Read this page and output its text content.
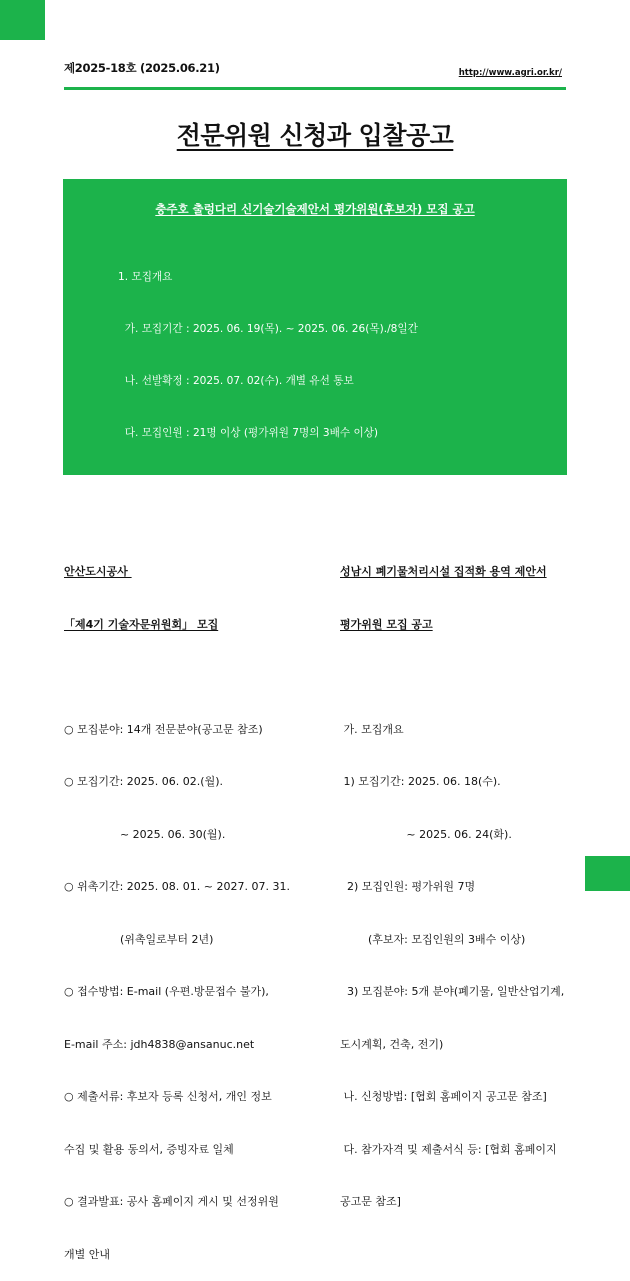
제2025-18호 (2025.06.21)	http://www.agri.or.kr/
전문위원 신청과 입찰공고
충주호 출렁다리 신기술기술제안서 평가위원(후보자) 모집 공고

1. 모집개요

가. 모집기간 : 2025. 06. 19(목). ~ 2025. 06. 26(목)./8일간

나. 선발확정 : 2025. 07. 02(수). 개별 유선 통보

다. 모집인원 : 21명 이상 (평가위원 7명의 3배수 이상)

라. 모집분야 : 토목 3명, 디자인 2명, 관광 2명

2. 신청서 접수기간 : 2025. 06. 19(목). ~ 2025. 06. 26(금). 18:00까지

3. 평가위원 선정

가. 선정일자 : 2025. 07. 02.(수) 예정

나. 선정인원 : 7명(예비 평가위원 3명 별도 선정)

4. 공법선정위원회(제안서 평가) 개최

가. 예정일시 : 2025. 07. 07(월). 14:00~ (일정 변경 가능)

나. 심의장소 : 충주시청 중원경회의실(4층)

다. 선정방법 : 참여자 제안설명(발표 10분, 질의응답 10분 이내) 평가

안산도시공사

「제4기 기술자문위원회」 모집

○ 모집분야: 14개 전문분야(공고문 참조)

○ 모집기간: 2025. 06. 02.(월).

~ 2025. 06. 30(월).

○ 위촉기간: 2025. 08. 01. ~ 2027. 07. 31.

(위촉일로부터 2년)

○ 접수방법: E-mail (우편.방문접수 불가),

E-mail 주소: jdh4838@ansanuc.net

○ 제출서류: 후보자 등록 신청서, 개인 정보

수집 및 활용 동의서, 증빙자료 일체

○ 결과발표: 공사 홈페이지 게시 및 선정위원

개별 안내

성남시 폐기물처리시설 집적화 용역 제안서

평가위원 모집 공고

가. 모집개요

1) 모집기간: 2025. 06. 18(수).

~ 2025. 06. 24(화).

2) 모집인원: 평가위원 7명

(후보자: 모집인원의 3배수 이상)

3) 모집분야: 5개 분야(폐기물, 일반산업기계,

도시계획, 건축, 전기)

나. 신청방법: [협회 홈페이지 공고문 참조]

다. 참가자격 및 제출서식 등: [협회 홈페이지

공고문 참조]
